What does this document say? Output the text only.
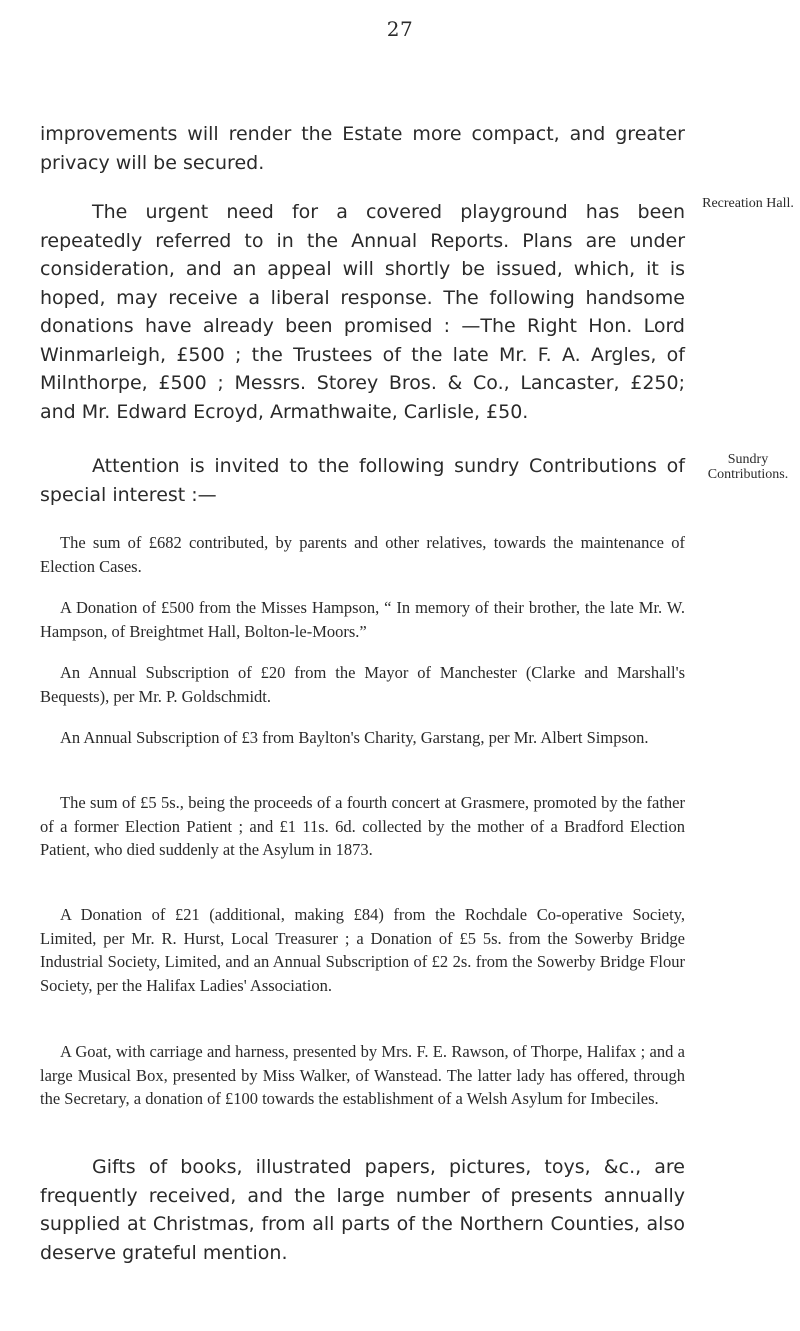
27

improvements will render the Estate more compact, and greater privacy will be secured.

The urgent need for a covered playground has been repeatedly referred to in the Annual Reports. Plans are under consideration, and an appeal will shortly be issued, which, it is hoped, may receive a liberal response. The following handsome donations have already been promised : —The Right Hon. Lord Winmarleigh, £500 ; the Trustees of the late Mr. F. A. Argles, of Milnthorpe, £500 ; Messrs. Storey Bros. & Co., Lancaster, £250; and Mr. Edward Ecroyd, Armathwaite, Carlisle, £50.

Recreation Hall.

Attention is invited to the following sundry Contributions of special interest :—

Sundry Contributions.

The sum of £682 contributed, by parents and other relatives, towards the maintenance of Election Cases.

A Donation of £500 from the Misses Hampson, “ In memory of their brother, the late Mr. W. Hampson, of Breightmet Hall, Bolton-le-Moors.”

An Annual Subscription of £20 from the Mayor of Manchester (Clarke and Marshall's Bequests), per Mr. P. Goldschmidt.

An Annual Subscription of £3 from Baylton's Charity, Garstang, per Mr. Albert Simpson.

The sum of £5 5s., being the proceeds of a fourth concert at Grasmere, promoted by the father of a former Election Patient ; and £1 11s. 6d. collected by the mother of a Bradford Election Patient, who died suddenly at the Asylum in 1873.

A Donation of £21 (additional, making £84) from the Rochdale Co-operative Society, Limited, per Mr. R. Hurst, Local Treasurer ; a Donation of £5 5s. from the Sowerby Bridge Industrial Society, Limited, and an Annual Subscription of £2 2s. from the Sowerby Bridge Flour Society, per the Halifax Ladies' Association.

A Goat, with carriage and harness, presented by Mrs. F. E. Rawson, of Thorpe, Halifax ; and a large Musical Box, presented by Miss Walker, of Wanstead. The latter lady has offered, through the Secretary, a donation of £100 towards the establishment of a Welsh Asylum for Imbeciles.

Gifts of books, illustrated papers, pictures, toys, &c., are frequently received, and the large number of presents annually supplied at Christmas, from all parts of the Northern Counties, also deserve grateful mention.
